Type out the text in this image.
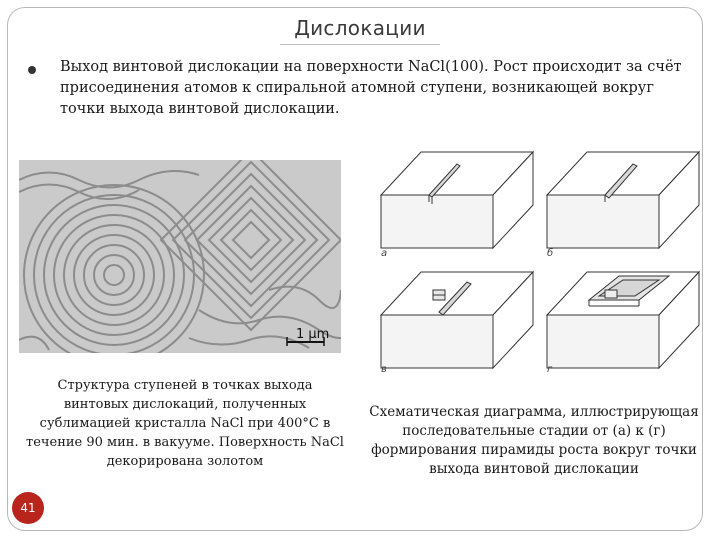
Дислокации
Выход винтовой дислокации на поверхности NaCl(100). Рост происходит за счёт присоединения атомов к спиральной атомной ступени, возникающей вокруг точки выхода винтовой дислокации.
1 μm
Структура ступеней в точках выхода винтовых дислокаций, полученных сублимацией кристалла NaCl при 400°С в течение 90 мин. в вакууме. Поверхность NaCl декорирована золотом
а	б
в	г
Схематическая диаграмма, иллюстрирующая последовательные стадии от (а) к (г) формирования пирамиды роста вокруг точки выхода винтовой дислокации
41
